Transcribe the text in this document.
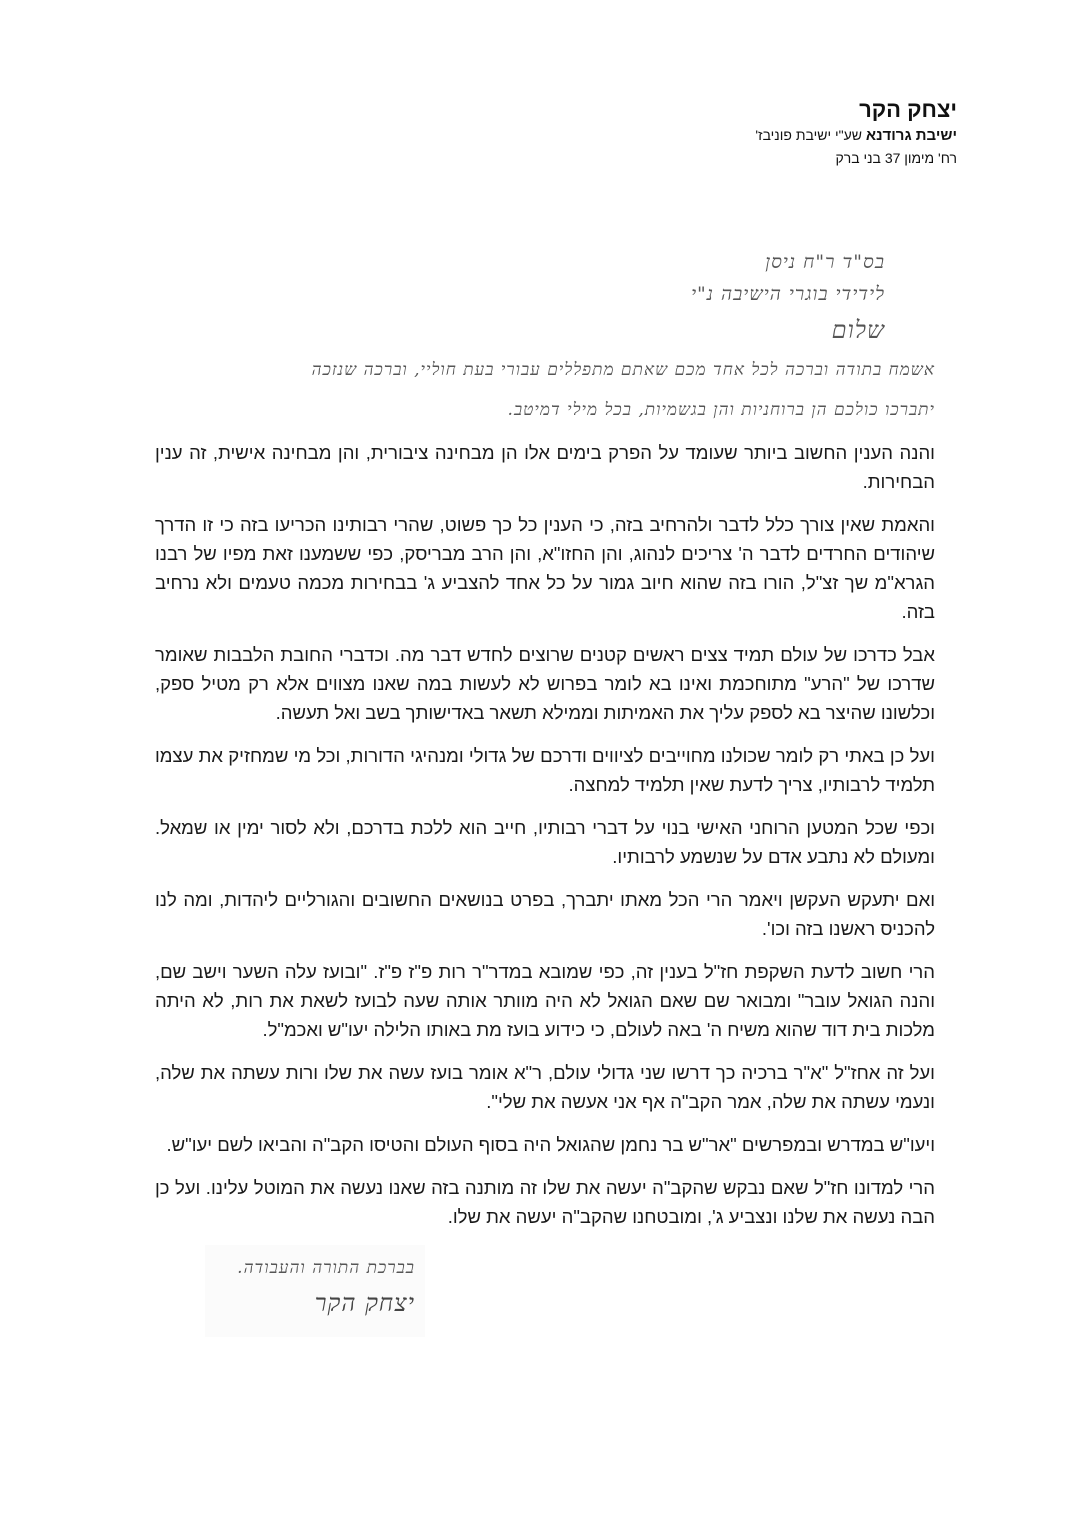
יצחק הקר
ישיבת גרודנא שע"י ישיבת פוניבז'
רח' מימון 37 בני ברק
בס"ד ר"ח ניסן
לידידי בוגרי הישיבה נ"י
שלום
אשמח בתודה וברכה לכל אחד מכם שאתם מתפללים עבורי בעת חוליי, וברכה שנזכה
יתברכו כולכם הן ברוחניות והן בגשמיות, בכל מילי דמיטב.

והנה הענין החשוב ביותר שעומד על הפרק בימים אלו הן מבחינה ציבורית, והן מבחינה אישית, זה ענין הבחירות.

והאמת שאין צורך כלל לדבר ולהרחיב בזה, כי הענין כל כך פשוט, שהרי רבותינו הכריעו בזה כי זו הדרך שיהודים החרדים לדבר ה' צריכים לנהוג, והן החזו"א, והן הרב מבריסק, כפי ששמענו זאת מפיו של רבנו הגרא"מ שך זצ"ל, הורו בזה שהוא חיוב גמור על כל אחד להצביע ג' בבחירות מכמה טעמים ולא נרחיב בזה.

אבל כדרכו של עולם תמיד צצים ראשים קטנים שרוצים לחדש דבר מה. וכדברי החובת הלבבות שאומר שדרכו של "הרע" מתוחכמת ואינו בא לומר בפרוש לא לעשות במה שאנו מצווים אלא רק מטיל ספק, וכלשונו שהיצר בא לספק עליך את האמיתות וממילא תשאר באדישותך בשב ואל תעשה.

ועל כן באתי רק לומר שכולנו מחוייבים לציווים ודרכם של גדולי ומנהיגי הדורות, וכל מי שמחזיק את עצמו תלמיד לרבותיו, צריך לדעת שאין תלמיד למחצה.

וכפי שכל המטען הרוחני האישי בנוי על דברי רבותיו, חייב הוא ללכת בדרכם, ולא לסור ימין או שמאל.            ומעולם לא נתבע אדם על שנשמע לרבותיו.

ואם יתעקש העקשן ויאמר הרי הכל מאתו יתברך, בפרט בנושאים החשובים והגורליים ליהדות, ומה לנו להכניס ראשנו בזה וכו'.

הרי חשוב לדעת השקפת חז"ל בענין זה, כפי שמובא במדר"ר רות פ"ז פ"ז. "ובועז עלה השער וישב שם, והנה הגואל עובר" ומבואר שם שאם הגואל לא היה מוותר אותה שעה לבועז לשאת את רות, לא היתה מלכות בית דוד שהוא משיח ה' באה לעולם, כי כידוע בועז מת באותו הלילה יעו"ש ואכמ"ל.

ועל זה אחז"ל "א"ר ברכיה כך דרשו שני גדולי עולם, ר"א אומר בועז עשה את שלו ורות עשתה את שלה, ונעמי עשתה את שלה, אמר הקב"ה אף אני אעשה את שלי".

ויעו"ש במדרש ובמפרשים "אר"ש בר נחמן שהגואל היה בסוף העולם והטיסו הקב"ה והביאו לשם יעו"ש.

הרי למדונו חז"ל שאם נבקש שהקב"ה יעשה את שלו זה מותנה בזה שאנו נעשה את המוטל עלינו. ועל כן הבה נעשה את שלנו ונצביע ג', ומובטחנו שהקב"ה יעשה את שלו.

בברכת התורה והעבודה.
יצחק הקר
